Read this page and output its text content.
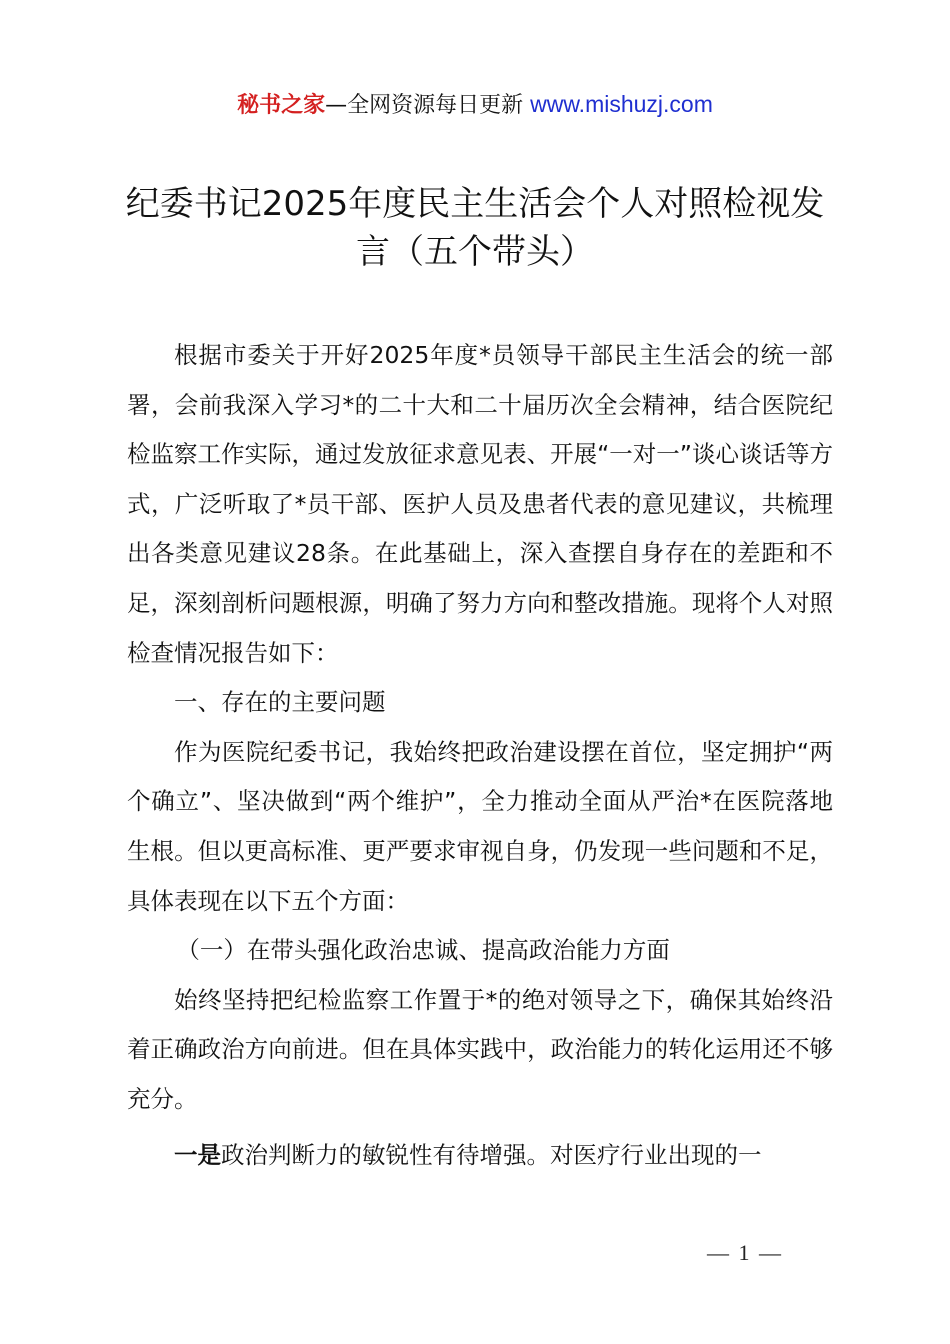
秘书之家—全网资源每日更新 www.mishuzj.com
纪委书记2025年度民主生活会个人对照检视发言（五个带头）

根据市委关于开好2025年度*员领导干部民主生活会的统一部署，会前我深入学习*的二十大和二十届历次全会精神，结合医院纪检监察工作实际，通过发放征求意见表、开展“一对一”谈心谈话等方式，广泛听取了*员干部、医护人员及患者代表的意见建议，共梳理出各类意见建议28条。在此基础上，深入查摆自身存在的差距和不足，深刻剖析问题根源，明确了努力方向和整改措施。现将个人对照检查情况报告如下：

一、存在的主要问题

作为医院纪委书记，我始终把政治建设摆在首位，坚定拥护“两个确立”、坚决做到“两个维护”，全力推动全面从严治*在医院落地生根。但以更高标准、更严要求审视自身，仍发现一些问题和不足，具体表现在以下五个方面：

（一）在带头强化政治忠诚、提高政治能力方面

始终坚持把纪检监察工作置于*的绝对领导之下，确保其始终沿着正确政治方向前进。但在具体实践中，政治能力的转化运用还不够充分。

一是政治判断力的敏锐性有待增强。对医疗行业出现的一

— 1 —
